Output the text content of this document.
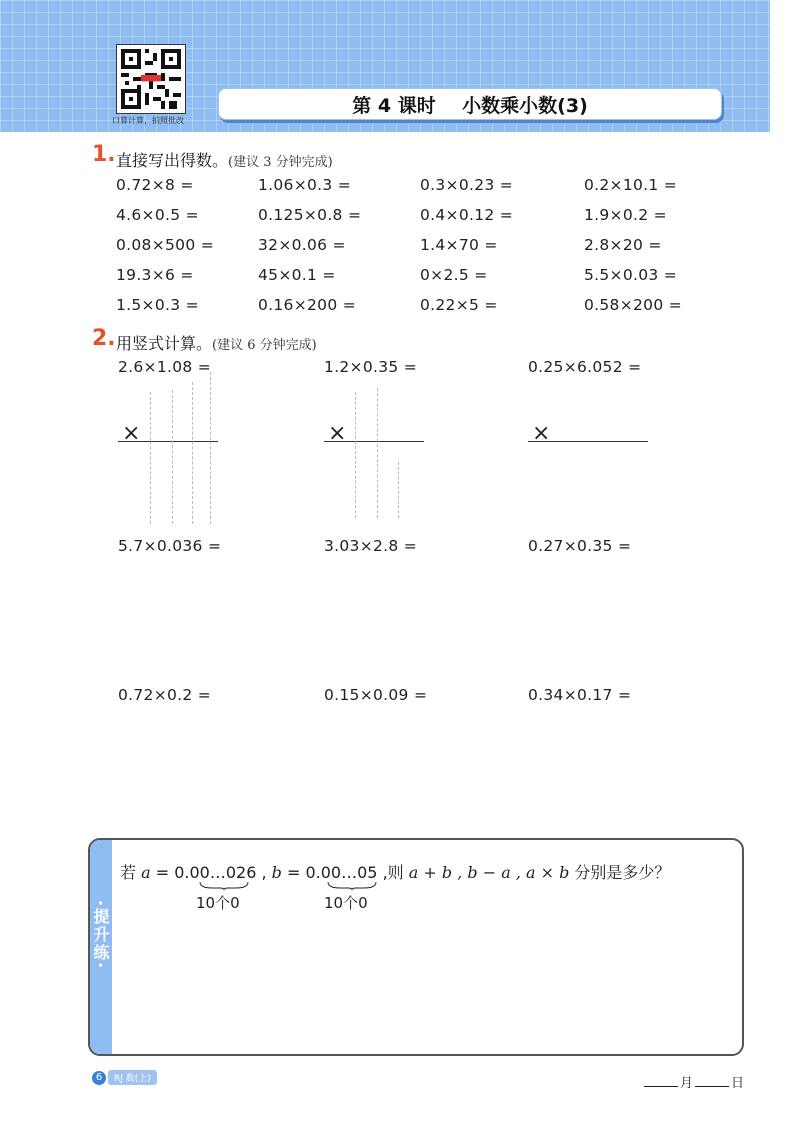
口算计算，拍照批改
第 4 课时    小数乘小数(3)
1. 直接写出得数。(建议 3 分钟完成)
0.72×8 =	1.06×0.3 =	0.3×0.23 =	0.2×10.1 =
4.6×0.5 =	0.125×0.8 =	0.4×0.12 =	1.9×0.2 =
0.08×500 =	32×0.06 =	1.4×70 =	2.8×20 =
19.3×6 =	45×0.1 =	0×2.5 =	5.5×0.03 =
1.5×0.3 =	0.16×200 =	0.22×5 =	0.58×200 =
2. 用竖式计算。(建议 6 分钟完成)
2.6×1.08 =	1.2×0.35 =	0.25×6.052 =
5.7×0.036 =	3.03×2.8 =	0.27×0.35 =
0.72×0.2 =	0.15×0.09 =	0.34×0.17 =
×	×	×
·提升练·
若 a = 0.00…026 , b = 0.00…05 ,则 a + b , b − a , a × b 分别是多少？
10个0	10个0
6	RJ 数(上)	月	日
